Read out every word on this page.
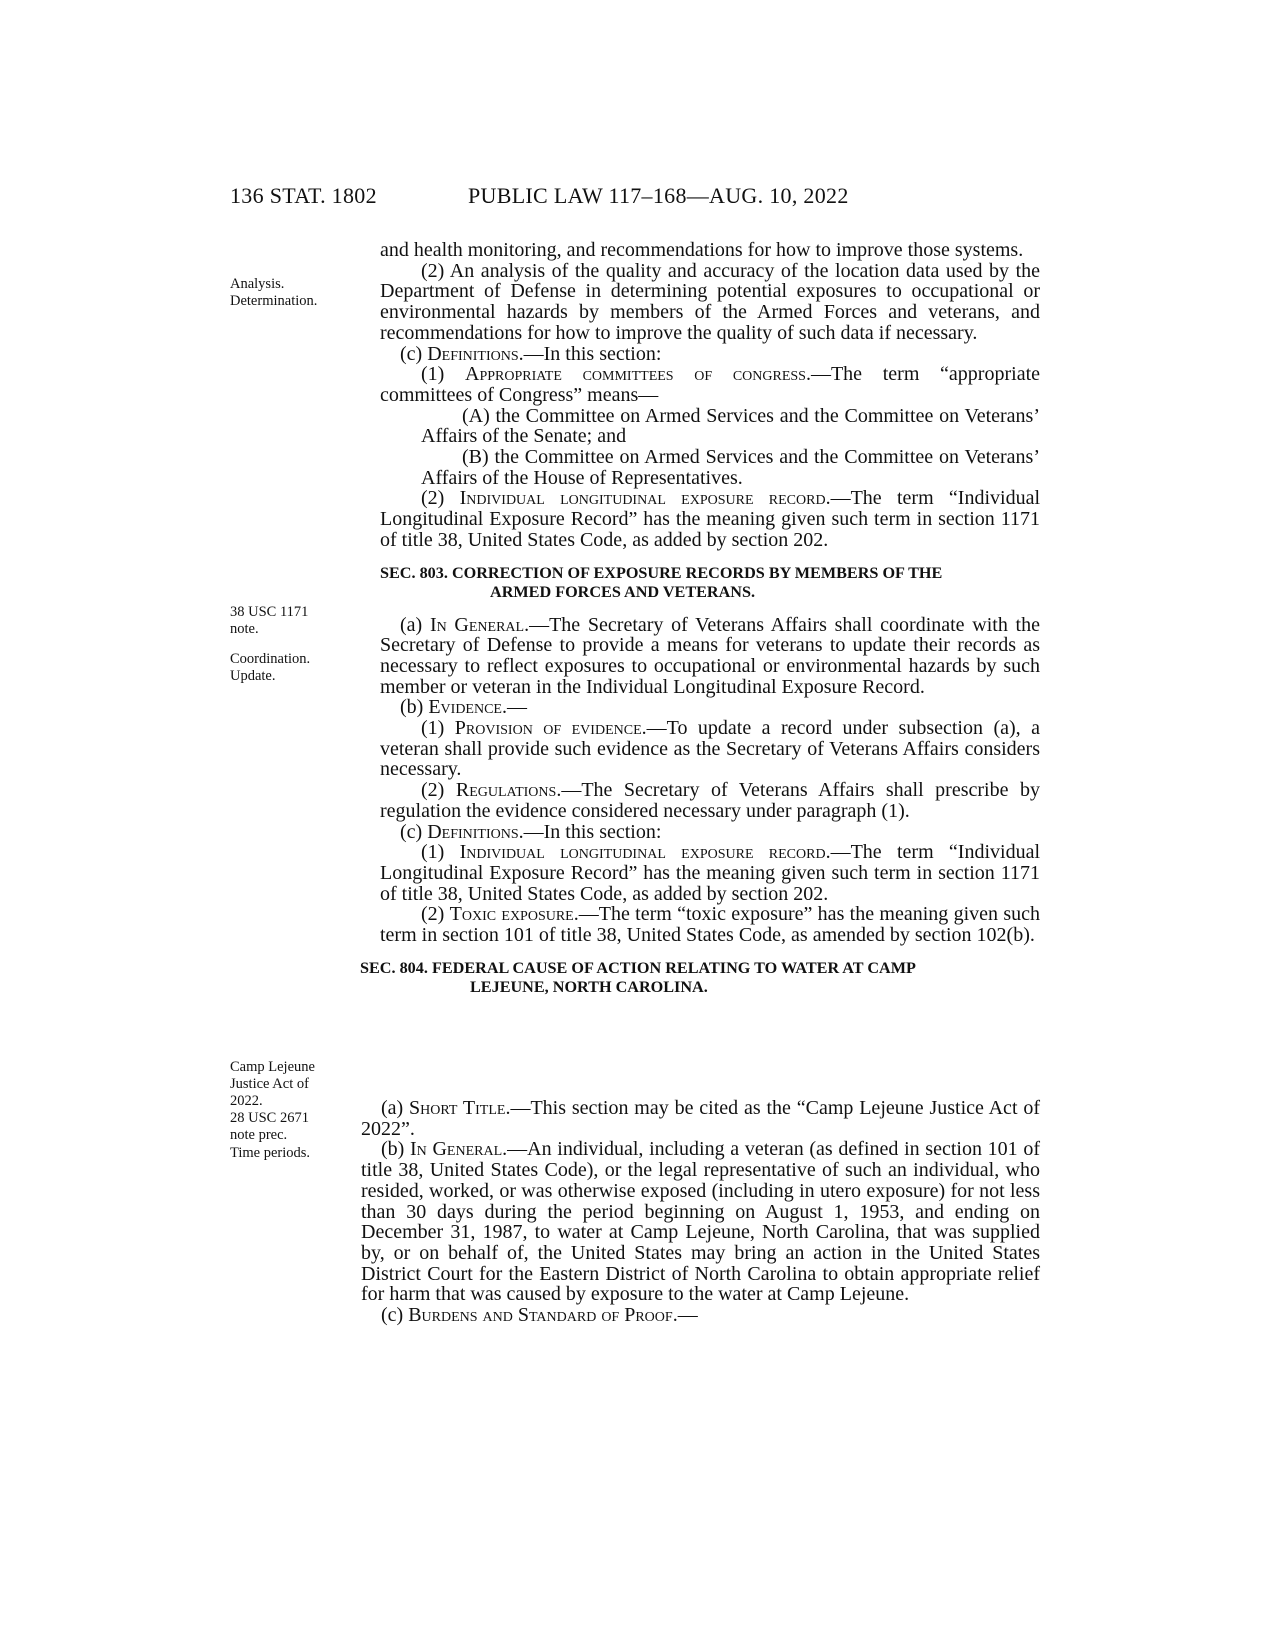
136 STAT. 1802	PUBLIC LAW 117–168—AUG. 10, 2022
Analysis.
Determination.
38 USC 1171
note.
Coordination.
Update.
Camp Lejeune
Justice Act of
2022.
28 USC 2671
note prec.
Time periods.

and health monitoring, and recommendations for how to improve those systems.

(2) An analysis of the quality and accuracy of the location data used by the Department of Defense in determining potential exposures to occupational or environmental hazards by members of the Armed Forces and veterans, and recommendations for how to improve the quality of such data if necessary.

(c) Definitions.—In this section:

(1) Appropriate committees of congress.—The term “appropriate committees of Congress” means—

(A) the Committee on Armed Services and the Committee on Veterans’ Affairs of the Senate; and

(B) the Committee on Armed Services and the Committee on Veterans’ Affairs of the House of Representatives.

(2) Individual longitudinal exposure record.—The term “Individual Longitudinal Exposure Record” has the meaning given such term in section 1171 of title 38, United States Code, as added by section 202.

SEC. 803. CORRECTION OF EXPOSURE RECORDS BY MEMBERS OF THE
ARMED FORCES AND VETERANS.

(a) In General.—The Secretary of Veterans Affairs shall coordinate with the Secretary of Defense to provide a means for veterans to update their records as necessary to reflect exposures to occupational or environmental hazards by such member or veteran in the Individual Longitudinal Exposure Record.

(b) Evidence.—

(1) Provision of evidence.—To update a record under subsection (a), a veteran shall provide such evidence as the Secretary of Veterans Affairs considers necessary.

(2) Regulations.—The Secretary of Veterans Affairs shall prescribe by regulation the evidence considered necessary under paragraph (1).

(c) Definitions.—In this section:

(1) Individual longitudinal exposure record.—The term “Individual Longitudinal Exposure Record” has the meaning given such term in section 1171 of title 38, United States Code, as added by section 202.

(2) Toxic exposure.—The term “toxic exposure” has the meaning given such term in section 101 of title 38, United States Code, as amended by section 102(b).

SEC. 804. FEDERAL CAUSE OF ACTION RELATING TO WATER AT CAMP
LEJEUNE, NORTH CAROLINA.

(a) Short Title.—This section may be cited as the “Camp Lejeune Justice Act of 2022”.

(b) In General.—An individual, including a veteran (as defined in section 101 of title 38, United States Code), or the legal representative of such an individual, who resided, worked, or was otherwise exposed (including in utero exposure) for not less than 30 days during the period beginning on August 1, 1953, and ending on December 31, 1987, to water at Camp Lejeune, North Carolina, that was supplied by, or on behalf of, the United States may bring an action in the United States District Court for the Eastern District of North Carolina to obtain appropriate relief for harm that was caused by exposure to the water at Camp Lejeune.

(c) Burdens and Standard of Proof.—
